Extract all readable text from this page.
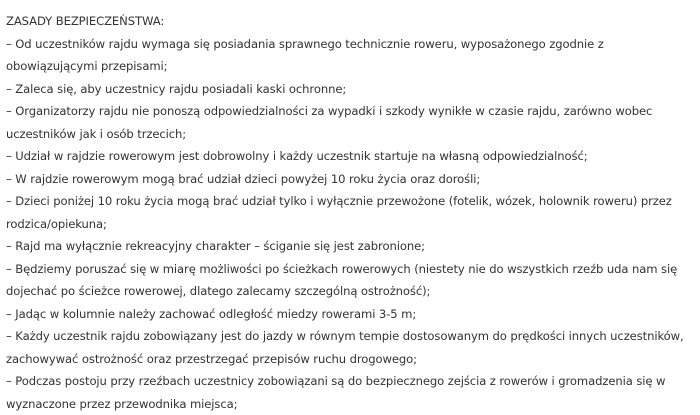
ZASADY BEZPIECZEŃSTWA:

– Od uczestników rajdu wymaga się posiadania sprawnego technicznie roweru, wyposażonego zgodnie z obowiązującymi przepisami;
– Zaleca się, aby uczestnicy rajdu posiadali kaski ochronne;
– Organizatorzy rajdu nie ponoszą odpowiedzialności za wypadki i szkody wynikłe w czasie rajdu, zarówno wobec uczestników jak i osób trzecich;
– Udział w rajdzie rowerowym jest dobrowolny i każdy uczestnik startuje na własną odpowiedzialność;
– W rajdzie rowerowym mogą brać udział dzieci powyżej 10 roku życia oraz dorośli;
– Dzieci poniżej 10 roku życia mogą brać udział tylko i wyłącznie przewożone (fotelik, wózek, holownik roweru) przez rodzica/opiekuna;
– Rajd ma wyłącznie rekreacyjny charakter – ściganie się jest zabronione;
– Będziemy poruszać się w miarę możliwości po ścieżkach rowerowych (niestety nie do wszystkich rzeźb uda nam się dojechać po ścieżce rowerowej, dlatego zalecamy szczególną ostrożność);
– Jadąc w kolumnie należy zachować odległość miedzy rowerami 3-5 m;
– Każdy uczestnik rajdu zobowiązany jest do jazdy w równym tempie dostosowanym do prędkości innych uczestników, zachowywać ostrożność oraz przestrzegać przepisów ruchu drogowego;
– Podczas postoju przy rzeźbach uczestnicy zobowiązani są do bezpiecznego zejścia z rowerów i gromadzenia się w wyznaczone przez przewodnika miejsca;
